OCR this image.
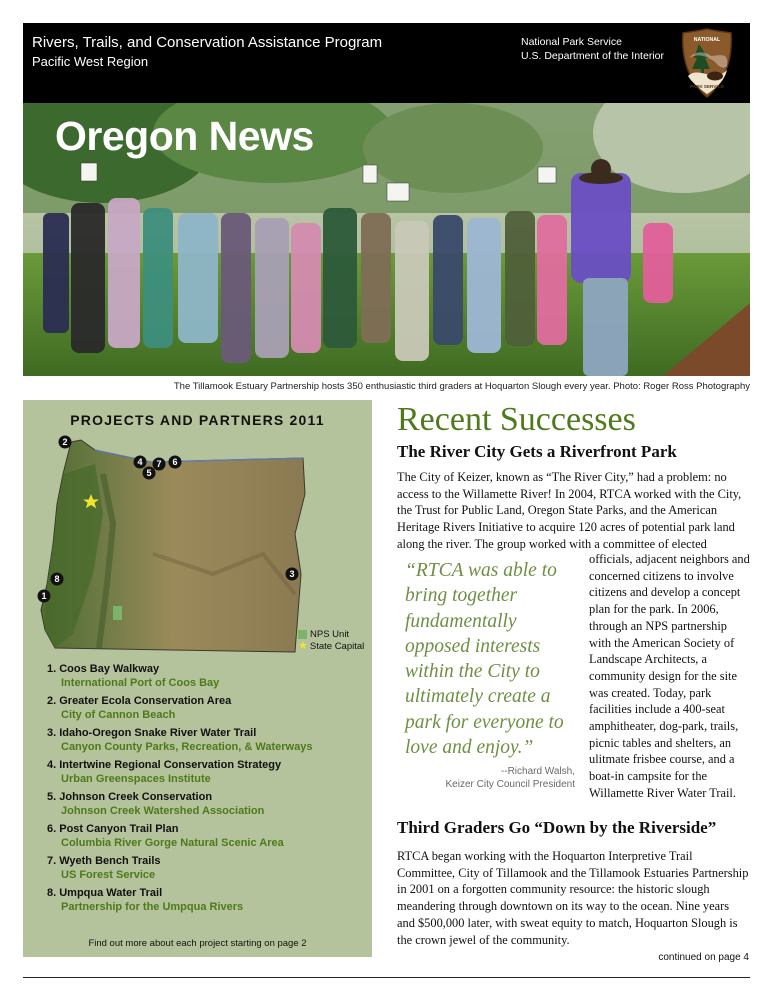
Rivers, Trails, and Conservation Assistance Program
Pacific West Region
National Park Service
U.S. Department of the Interior
NATIONAL
PARK SERVICE
Oregon News
The Tillamook Estuary Partnership hosts 350 enthusiastic third graders at Hoquarton Slough every year. Photo: Roger Ross Photography
PROJECTS AND PARTNERS 2011
2
4
5
7 6
8
1
3
NPS Unit
★ State Capital
1. Coos Bay Walkway
International Port of Coos Bay
2. Greater Ecola Conservation Area
City of Cannon Beach
3. Idaho-Oregon Snake River Water Trail
Canyon County Parks, Recreation, & Waterways
4. Intertwine Regional Conservation Strategy
Urban Greenspaces Institute
5. Johnson Creek Conservation
Johnson Creek Watershed Association
6. Post Canyon Trail Plan
Columbia River Gorge Natural Scenic Area
7. Wyeth Bench Trails
US Forest Service
8. Umpqua Water Trail
Partnership for the Umpqua Rivers
Find out more about each project starting on page 2
Recent Successes
The River City Gets a Riverfront Park
The City of Keizer, known as “The River City,” had a problem: no access to the Willamette River! In 2004, RTCA worked with the City, the Trust for Public Land, Oregon State Parks, and the American Heritage Rivers Initiative to acquire 120 acres of potential park land along the river. The group worked with a committee of elected
“RTCA was able to bring together fundamentally opposed interests within the City to ultimately create a park for everyone to love and enjoy.”
--Richard Walsh,
Keizer City Council President
officials, adjacent neighbors and concerned citizens to involve citizens and develop a concept plan for the park. In 2006, through an NPS partnership with the American Society of Landscape Architects, a community design for the site was created. Today, park facilities include a 400-seat amphitheater, dog-park, trails, picnic tables and shelters, an ulitmate frisbee course, and a boat-in campsite for the Willamette River Water Trail.
Third Graders Go “Down by the Riverside”
RTCA began working with the Hoquarton Interpretive Trail Committee, City of Tillamook and the Tillamook Estuaries Partnership in 2001 on a forgotten community resource: the historic slough meandering through downtown on its way to the ocean. Nine years and $500,000 later, with sweat equity to match, Hoquarton Slough is the crown jewel of the community.
continued on page 4
